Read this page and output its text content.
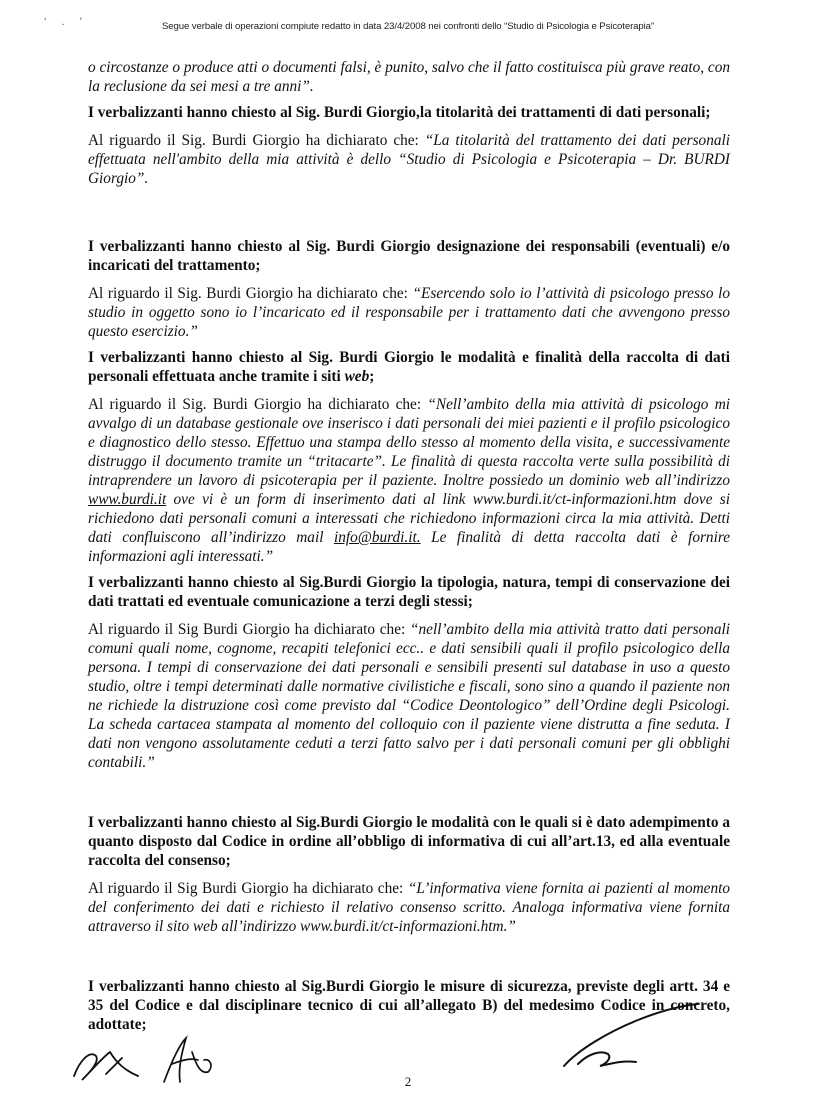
‘ . ’	Segue verbale di operazioni compiute redatto in data 23/4/2008 nei confronti dello “Studio di Psicologia e Psicoterapia”

o circostanze o produce atti o documenti falsi, è punito, salvo che il fatto costituisca più grave reato, con la reclusione da sei mesi a tre anni”.

I verbalizzanti hanno chiesto al Sig. Burdi Giorgio,la titolarità dei trattamenti di dati personali;

Al riguardo il Sig. Burdi Giorgio ha dichiarato che: “La titolarità del trattamento dei dati personali effettuata nell'ambito della mia attività è dello “Studio di Psicologia e Psicoterapia – Dr. BURDI Giorgio”.

I verbalizzanti hanno chiesto al Sig. Burdi Giorgio designazione dei responsabili (eventuali) e/o incaricati del trattamento;

Al riguardo il Sig. Burdi Giorgio ha dichiarato che: “Esercendo solo io l’attività di psicologo presso lo studio in oggetto sono io l’incaricato ed il responsabile per i trattamento dati che avvengono presso questo esercizio.”

I verbalizzanti hanno chiesto al Sig. Burdi Giorgio le modalità e finalità della raccolta di dati personali effettuata anche tramite i siti web;

Al riguardo il Sig. Burdi Giorgio ha dichiarato che: “Nell’ambito della mia attività di psicologo mi avvalgo di un database gestionale ove inserisco i dati personali dei miei pazienti e il profilo psicologico e diagnostico dello stesso. Effettuo una stampa dello stesso al momento della visita, e successivamente distruggo il documento tramite un “tritacarte”. Le finalità di questa raccolta verte sulla possibilità di intraprendere un lavoro di psicoterapia per il paziente. Inoltre possiedo un dominio web all’indirizzo www.burdi.it ove vi è un form di inserimento dati al link www.burdi.it/ct-informazioni.htm dove si richiedono dati personali comuni a interessati che richiedono informazioni circa la mia attività. Detti dati confluiscono all’indirizzo mail info@burdi.it. Le finalità di detta raccolta dati è fornire informazioni agli interessati.”

I verbalizzanti hanno chiesto al Sig.Burdi Giorgio la tipologia, natura, tempi di conservazione dei dati trattati ed eventuale comunicazione a terzi degli stessi;

Al riguardo il Sig Burdi Giorgio ha dichiarato che: “nell’ambito della mia attività tratto dati personali comuni quali nome, cognome, recapiti telefonici ecc.. e dati sensibili quali il profilo psicologico della persona. I tempi di conservazione dei dati personali e sensibili presenti sul database in uso a questo studio, oltre i tempi determinati dalle normative civilistiche e fiscali, sono sino a quando il paziente non ne richiede la distruzione così come previsto dal “Codice Deontologico” dell’Ordine degli Psicologi. La scheda cartacea stampata al momento del colloquio con il paziente viene distrutta a fine seduta. I dati non vengono assolutamente ceduti a terzi fatto salvo per i dati personali comuni per gli obblighi contabili.”

I verbalizzanti hanno chiesto al Sig.Burdi Giorgio le modalità con le quali si è dato adempimento a quanto disposto dal Codice in ordine all’obbligo di informativa di cui all’art.13, ed alla eventuale raccolta del consenso;

Al riguardo il Sig Burdi Giorgio ha dichiarato che: “L’informativa viene fornita ai pazienti al momento del conferimento dei dati e richiesto il relativo consenso scritto. Analoga informativa viene fornita attraverso il sito web all’indirizzo www.burdi.it/ct-informazioni.htm.”

I verbalizzanti hanno chiesto al Sig.Burdi Giorgio le misure di sicurezza, previste degli artt. 34 e 35 del Codice e dal disciplinare tecnico di cui all’allegato B) del medesimo Codice in concreto, adottate;

2
